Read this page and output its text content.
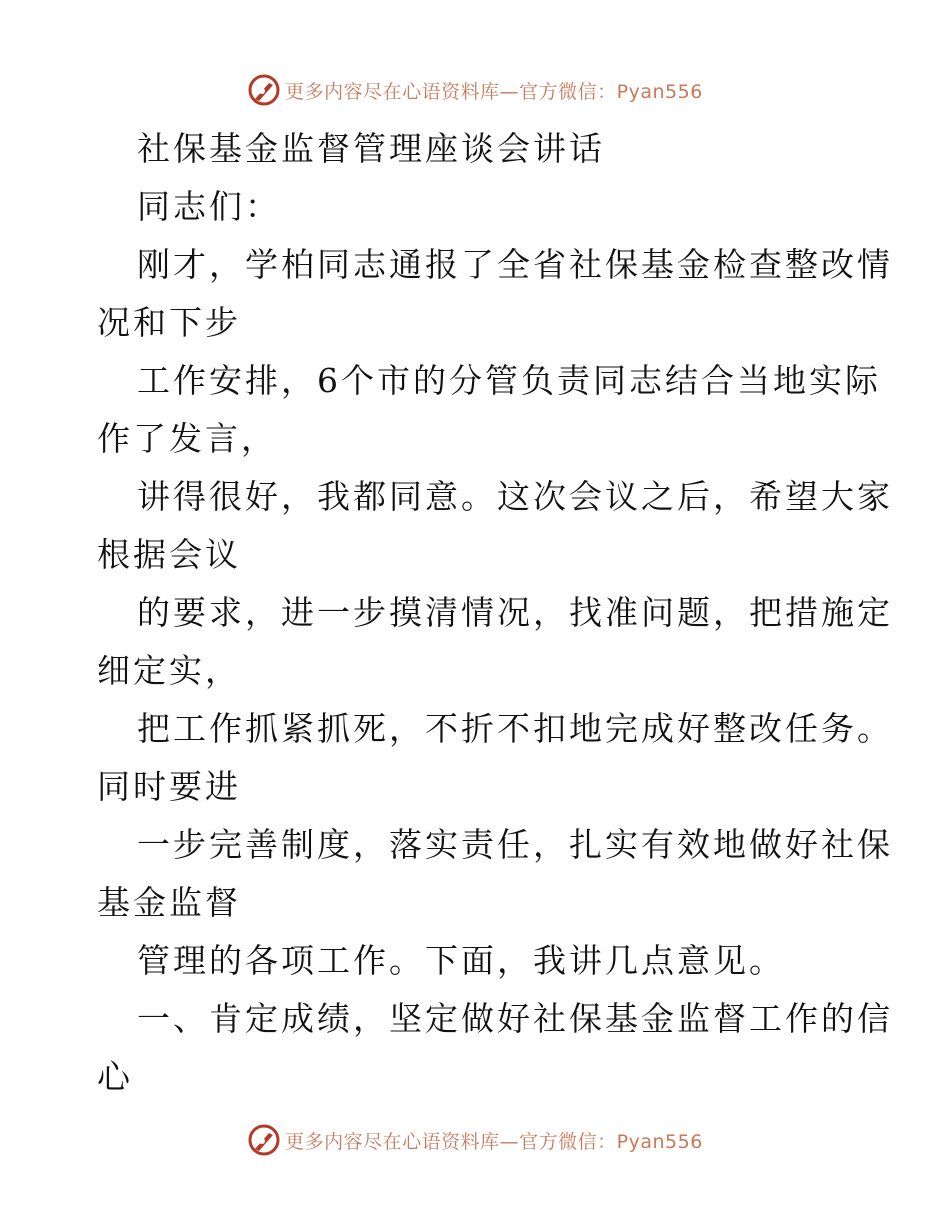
更多内容尽在心语资料库—官方微信：Pyan556

社保基金监督管理座谈会讲话

同志们：

刚才，学柏同志通报了全省社保基金检查整改情
况和下步

工作安排，6个市的分管负责同志结合当地实际
作了发言，

讲得很好，我都同意。这次会议之后，希望大家
根据会议

的要求，进一步摸清情况，找准问题，把措施定
细定实，

把工作抓紧抓死，不折不扣地完成好整改任务。
同时要进

一步完善制度，落实责任，扎实有效地做好社保
基金监督

管理的各项工作。下面，我讲几点意见。

一、肯定成绩，坚定做好社保基金监督工作的信
心

更多内容尽在心语资料库—官方微信：Pyan556
